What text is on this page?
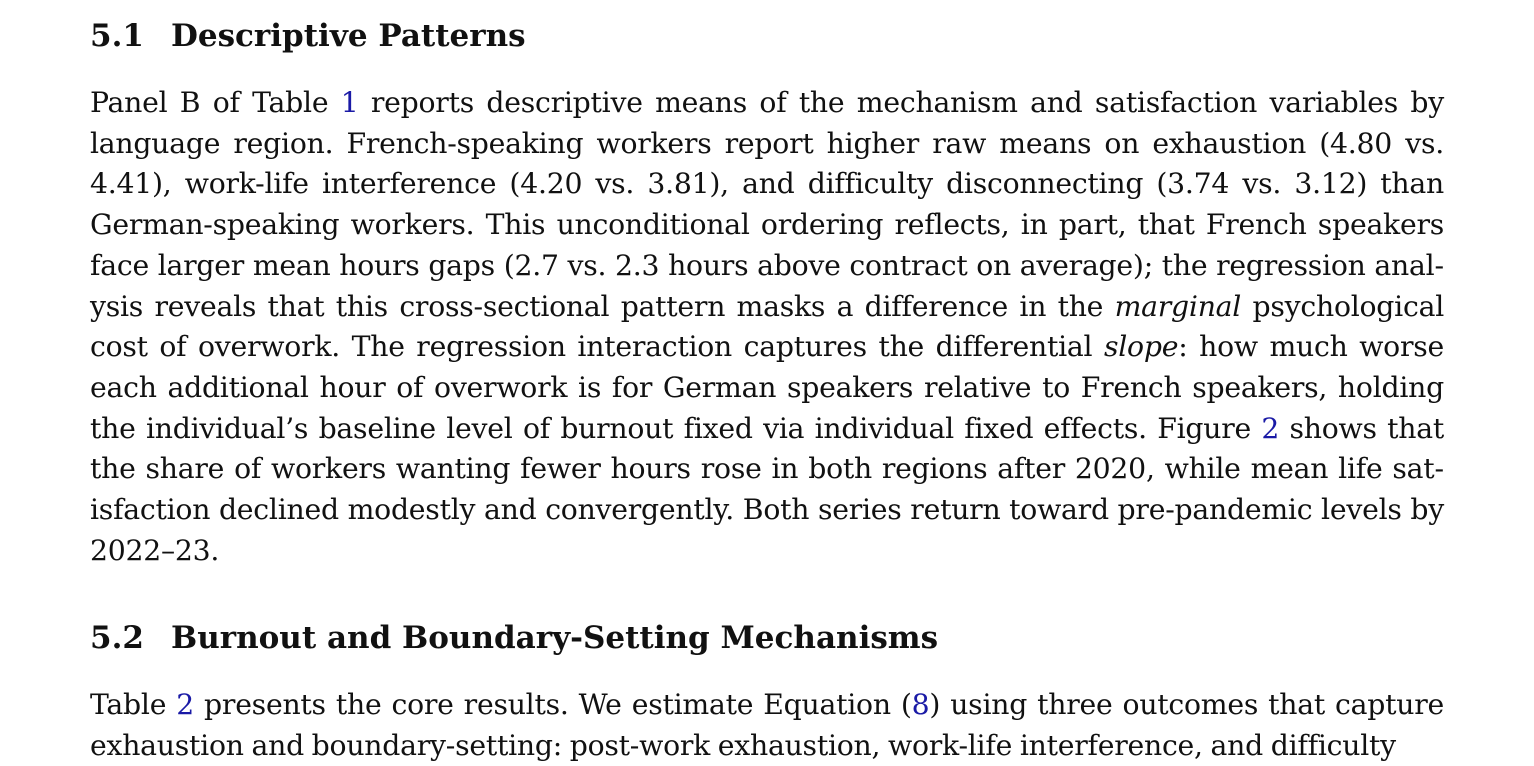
5.1 Descriptive Patterns

Panel B of Table 1 reports descriptive means of the mechanism and satisfaction variables by language region. French-speaking workers report higher raw means on exhaustion (4.80 vs. 4.41), work-life interference (4.20 vs. 3.81), and difficulty disconnecting (3.74 vs. 3.12) than German-speaking workers. This unconditional ordering reflects, in part, that French speakers face larger mean hours gaps (2.7 vs. 2.3 hours above contract on average); the regression analysis reveals that this cross-sectional pattern masks a difference in the marginal psychological cost of overwork. The regression interaction captures the differential slope: how much worse each additional hour of overwork is for German speakers relative to French speakers, holding the individual’s baseline level of burnout fixed via individual fixed effects. Figure 2 shows that the share of workers wanting fewer hours rose in both regions after 2020, while mean life satisfaction declined modestly and convergently. Both series return toward pre-pandemic levels by 2022–23.

5.2 Burnout and Boundary-Setting Mechanisms

Table 2 presents the core results. We estimate Equation (8) using three outcomes that capture exhaustion and boundary-setting: post-work exhaustion, work-life interference, and difficulty
